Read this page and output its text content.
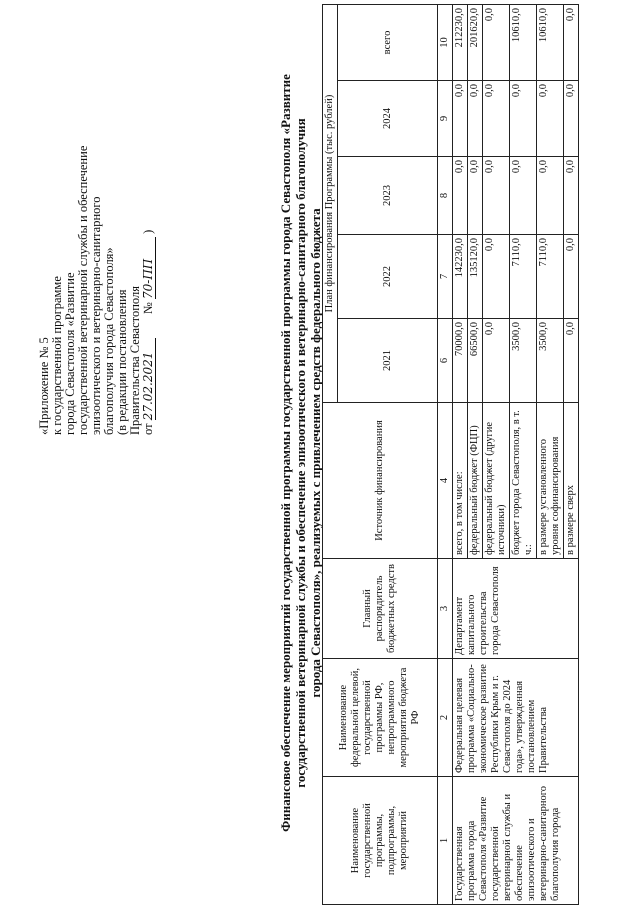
«Приложение № 5 к государственной программе города Севастополя «Развитие государственной ветеринарной службы и обеспечение эпизоотического и ветеринарно-санитарного благополучия города Севастополя» (в редакции постановления Правительства Севастополя от 27.02.2021  № 70-ПП )	Финансовое обеспечение мероприятий государственной программы государственной программы города Севастополя «Развитие государственной ветеринарной службы и обеспечение эпизоотического и ветеринарно-санитарного благополучия города Севастополя», реализуемых с привлечением средств федерального бюджета
Наименование государственной программы, подпрограммы, мероприятий	Наименование федеральной целевой, государственной программы РФ, непрограммного мероприятия бюджета РФ	Главный распорядитель бюджетных средств	Источник финансирования	План финансирования Программы (тыс. рублей)				
				2021	2022	2023	2024	всего
1	2	3	4	6	7	8	9	10
Государственная программа города Севастополя «Развитие государственной ветеринарной службы и обеспечение эпизоотического и ветеринарно-санитарного благополучия города	Федеральная целевая программа «Социально-экономическое развитие Республики Крым и г. Севастополя до 2024 года», утвержденная постановлением Правительства	Департамент капитального строительства города Севастополя	всего, в том числе:	70000,0	142230,0	0,0	0,0	212230,0
			федеральный бюджет (ФЦП)	66500,0	135120,0	0,0	0,0	201620,0
			федеральный бюджет (другие источники)	0,0	0,0	0,0	0,0	0,0
			бюджет города Севастополя, в т. ч.:	3500,0	7110,0	0,0	0,0	10610,0
			в размере установленного уровня софинансирования	3500,0	7110,0	0,0	0,0	10610,0
			в размере сверх	0,0	0,0	0,0	0,0	0,0
